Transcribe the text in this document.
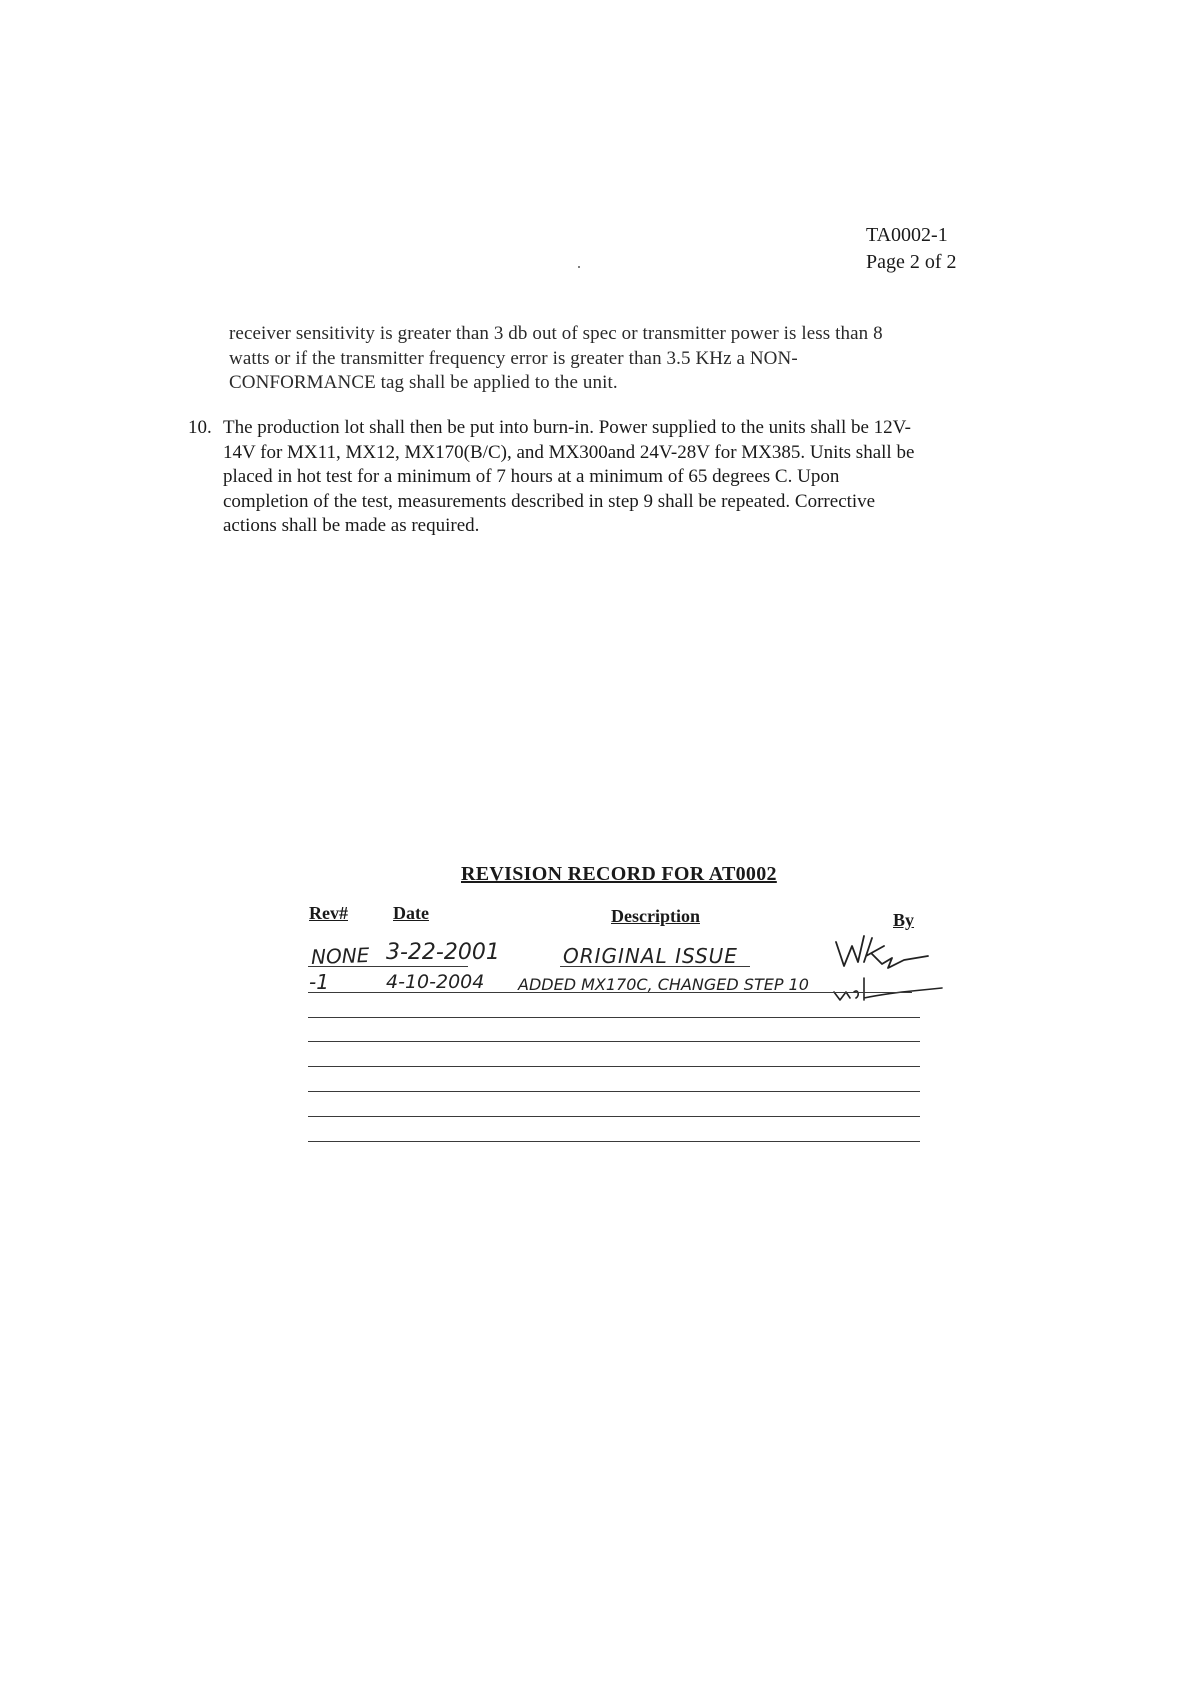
TA0002-1
Page 2 of 2
receiver sensitivity is greater than 3 db out of spec or transmitter power is less than 8
watts or if the transmitter frequency error is greater than 3.5 KHz a NON-
CONFORMANCE tag shall be applied to the unit.
10. The production lot shall then be put into burn-in. Power supplied to the units shall be 12V-
14V for MX11, MX12, MX170(B/C), and MX300and 24V-28V for MX385. Units shall be
placed in hot test for a minimum of 7 hours at a minimum of 65 degrees C. Upon
completion of the test, measurements described in step 9 shall be repeated. Corrective
actions shall be made as required.
REVISION RECORD FOR AT0002
Rev#	Date	Description	By
NONE 3-22-2001	ORIGINAL ISSUE
-1	4-10-2004 ADDED MX170C, CHANGED STEP 10
